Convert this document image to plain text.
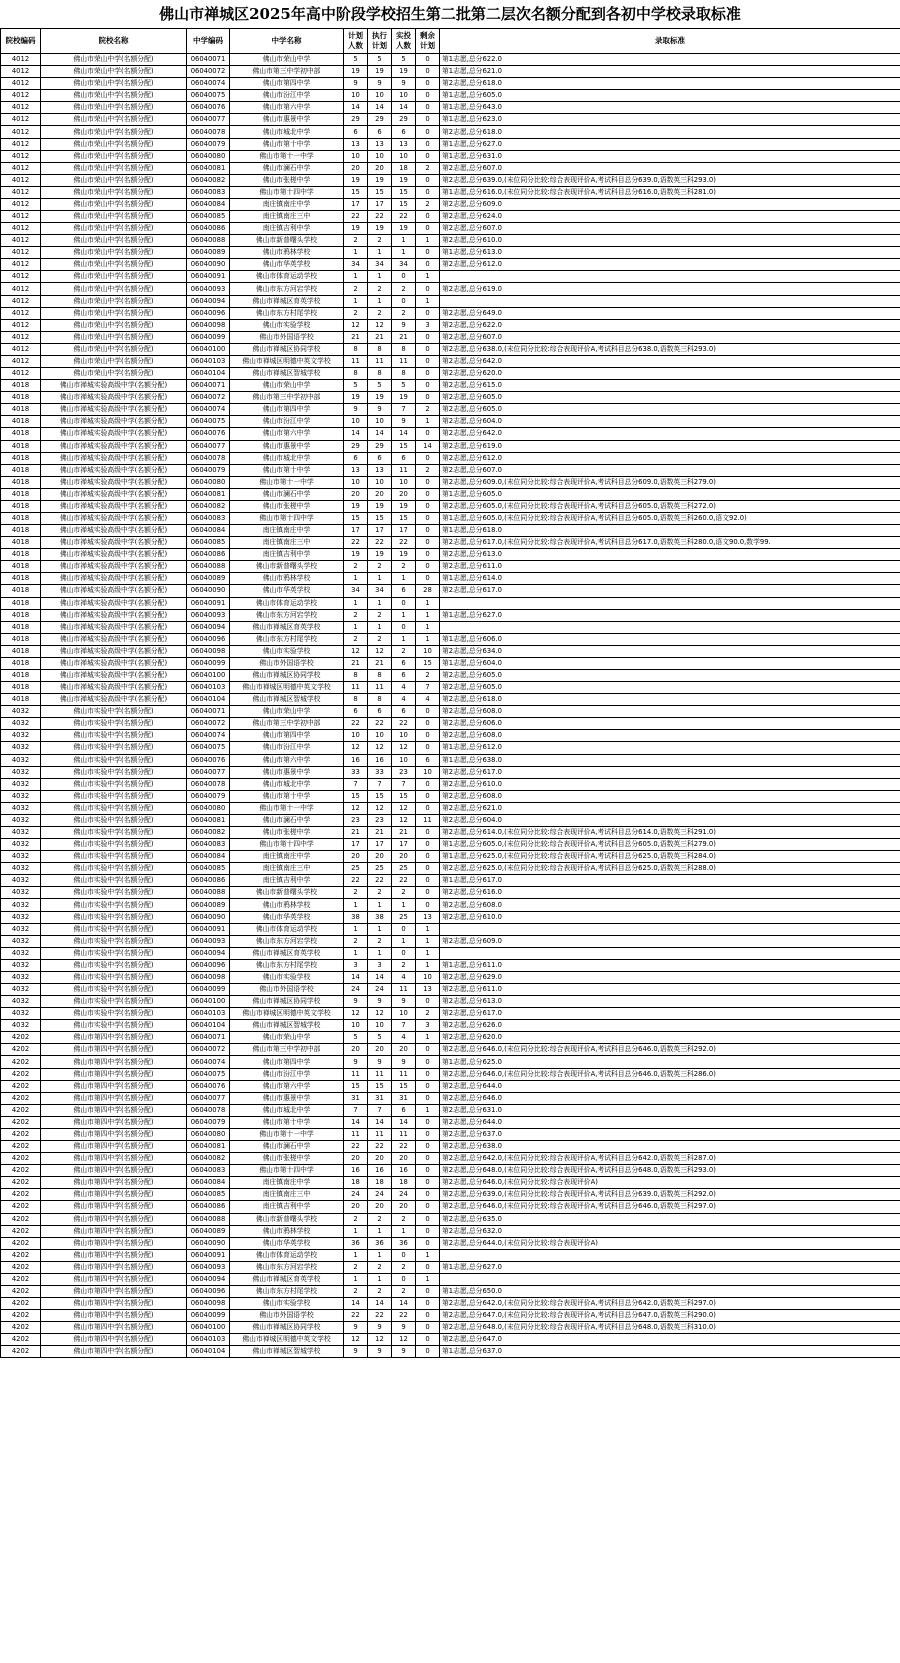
佛山市禅城区2025年高中阶段学校招生第二批第二层次名额分配到各初中学校录取标准
院校编码	院校名称	中学编码	中学名称	计划人数	执行计划	实投人数	剩余计划	录取标准
4012	佛山市荣山中学(名额分配)	06040071	佛山市荣山中学	5	5	5	0	第1志愿,总分622.0
4012	佛山市荣山中学(名额分配)	06040072	佛山市第三中学初中部	19	19	19	0	第1志愿,总分621.0
4012	佛山市荣山中学(名额分配)	06040074	佛山市第四中学	9	9	9	0	第2志愿,总分618.0
4012	佛山市荣山中学(名额分配)	06040075	佛山市汾江中学	10	10	10	0	第1志愿,总分605.0
4012	佛山市荣山中学(名额分配)	06040076	佛山市第六中学	14	14	14	0	第1志愿,总分643.0
4012	佛山市荣山中学(名额分配)	06040077	佛山市惠景中学	29	29	29	0	第1志愿,总分623.0
4012	佛山市荣山中学(名额分配)	06040078	佛山市城北中学	6	6	6	0	第2志愿,总分618.0
4012	佛山市荣山中学(名额分配)	06040079	佛山市第十中学	13	13	13	0	第1志愿,总分627.0
4012	佛山市荣山中学(名额分配)	06040080	佛山市第十一中学	10	10	10	0	第1志愿,总分631.0
4012	佛山市荣山中学(名额分配)	06040081	佛山市澜石中学	20	20	18	2	第2志愿,总分607.0
4012	佛山市荣山中学(名额分配)	06040082	佛山市张槎中学	19	19	19	0	第2志愿,总分639.0,(末位同分比较:综合表现评价A,考试科目总分639.0,语数英三科293.0)
4012	佛山市荣山中学(名额分配)	06040083	佛山市第十四中学	15	15	15	0	第1志愿,总分616.0,(末位同分比较:综合表现评价A,考试科目总分616.0,语数英三科281.0)
4012	佛山市荣山中学(名额分配)	06040084	南庄镇南庄中学	17	17	15	2	第2志愿,总分609.0
4012	佛山市荣山中学(名额分配)	06040085	南庄镇南庄三中	22	22	22	0	第2志愿,总分624.0
4012	佛山市荣山中学(名额分配)	06040086	南庄镇吉利中学	19	19	19	0	第2志愿,总分607.0
4012	佛山市荣山中学(名额分配)	06040088	佛山市新普曙头学校	2	2	1	1	第2志愿,总分610.0
4012	佛山市荣山中学(名额分配)	06040089	佛山市鸦林学校	1	1	1	0	第1志愿,总分613.0
4012	佛山市荣山中学(名额分配)	06040090	佛山市华英学校	34	34	34	0	第2志愿,总分612.0
4012	佛山市荣山中学(名额分配)	06040091	佛山市体育运动学校	1	1	0	1	
4012	佛山市荣山中学(名额分配)	06040093	佛山市东方河宕学校	2	2	2	0	第2志愿,总分619.0
4012	佛山市荣山中学(名额分配)	06040094	佛山市禅城区育英学校	1	1	0	1	
4012	佛山市荣山中学(名额分配)	06040096	佛山市东方村尾学校	2	2	2	0	第2志愿,总分649.0
4012	佛山市荣山中学(名额分配)	06040098	佛山市实验学校	12	12	9	3	第2志愿,总分622.0
4012	佛山市荣山中学(名额分配)	06040099	佛山市外国语学校	21	21	21	0	第2志愿,总分607.0
4012	佛山市荣山中学(名额分配)	06040100	佛山市禅城区协同学校	8	8	8	0	第2志愿,总分638.0,(末位同分比较:综合表现评价A,考试科目总分638.0,语数英三科293.0)
4012	佛山市荣山中学(名额分配)	06040103	佛山市禅城区明德中英文学校	11	11	11	0	第2志愿,总分642.0
4012	佛山市荣山中学(名额分配)	06040104	佛山市禅城区智城学校	8	8	8	0	第2志愿,总分620.0
4018	佛山市禅城实验高级中学(名额分配)	06040071	佛山市荣山中学	5	5	5	0	第2志愿,总分615.0
4018	佛山市禅城实验高级中学(名额分配)	06040072	佛山市第三中学初中部	19	19	19	0	第2志愿,总分605.0
4018	佛山市禅城实验高级中学(名额分配)	06040074	佛山市第四中学	9	9	7	2	第2志愿,总分605.0
4018	佛山市禅城实验高级中学(名额分配)	06040075	佛山市汾江中学	10	10	9	1	第2志愿,总分604.0
4018	佛山市禅城实验高级中学(名额分配)	06040076	佛山市第六中学	14	14	14	0	第2志愿,总分642.0
4018	佛山市禅城实验高级中学(名额分配)	06040077	佛山市惠景中学	29	29	15	14	第2志愿,总分619.0
4018	佛山市禅城实验高级中学(名额分配)	06040078	佛山市城北中学	6	6	6	0	第2志愿,总分612.0
4018	佛山市禅城实验高级中学(名额分配)	06040079	佛山市第十中学	13	13	11	2	第2志愿,总分607.0
4018	佛山市禅城实验高级中学(名额分配)	06040080	佛山市第十一中学	10	10	10	0	第2志愿,总分609.0,(末位同分比较:综合表现评价A,考试科目总分609.0,语数英三科279.0)
4018	佛山市禅城实验高级中学(名额分配)	06040081	佛山市澜石中学	20	20	20	0	第1志愿,总分605.0
4018	佛山市禅城实验高级中学(名额分配)	06040082	佛山市张槎中学	19	19	19	0	第2志愿,总分605.0,(末位同分比较:综合表现评价A,考试科目总分605.0,语数英三科272.0)
4018	佛山市禅城实验高级中学(名额分配)	06040083	佛山市第十四中学	15	15	15	0	第1志愿,总分605.0,(末位同分比较:综合表现评价A,考试科目总分605.0,语数英三科260.0,语文92.0)
4018	佛山市禅城实验高级中学(名额分配)	06040084	南庄镇南庄中学	17	17	17	0	第1志愿,总分618.0
4018	佛山市禅城实验高级中学(名额分配)	06040085	南庄镇南庄三中	22	22	22	0	第2志愿,总分617.0,(末位同分比较:综合表现评价A,考试科目总分617.0,语数英三科280.0,语文90.0,数学99.
4018	佛山市禅城实验高级中学(名额分配)	06040086	南庄镇吉利中学	19	19	19	0	第2志愿,总分613.0
4018	佛山市禅城实验高级中学(名额分配)	06040088	佛山市新普曙头学校	2	2	2	0	第2志愿,总分611.0
4018	佛山市禅城实验高级中学(名额分配)	06040089	佛山市鸦林学校	1	1	1	0	第1志愿,总分614.0
4018	佛山市禅城实验高级中学(名额分配)	06040090	佛山市华英学校	34	34	6	28	第2志愿,总分617.0
4018	佛山市禅城实验高级中学(名额分配)	06040091	佛山市体育运动学校	1	1	0	1	
4018	佛山市禅城实验高级中学(名额分配)	06040093	佛山市东方河宕学校	2	2	1	1	第1志愿,总分627.0
4018	佛山市禅城实验高级中学(名额分配)	06040094	佛山市禅城区育英学校	1	1	0	1	
4018	佛山市禅城实验高级中学(名额分配)	06040096	佛山市东方村尾学校	2	2	1	1	第1志愿,总分606.0
4018	佛山市禅城实验高级中学(名额分配)	06040098	佛山市实验学校	12	12	2	10	第2志愿,总分634.0
4018	佛山市禅城实验高级中学(名额分配)	06040099	佛山市外国语学校	21	21	6	15	第1志愿,总分604.0
4018	佛山市禅城实验高级中学(名额分配)	06040100	佛山市禅城区协同学校	8	8	6	2	第2志愿,总分605.0
4018	佛山市禅城实验高级中学(名额分配)	06040103	佛山市禅城区明德中英文学校	11	11	4	7	第2志愿,总分605.0
4018	佛山市禅城实验高级中学(名额分配)	06040104	佛山市禅城区智城学校	8	8	4	4	第2志愿,总分618.0
4032	佛山市实验中学(名额分配)	06040071	佛山市荣山中学	6	6	6	0	第2志愿,总分608.0
4032	佛山市实验中学(名额分配)	06040072	佛山市第三中学初中部	22	22	22	0	第2志愿,总分606.0
4032	佛山市实验中学(名额分配)	06040074	佛山市第四中学	10	10	10	0	第2志愿,总分608.0
4032	佛山市实验中学(名额分配)	06040075	佛山市汾江中学	12	12	12	0	第1志愿,总分612.0
4032	佛山市实验中学(名额分配)	06040076	佛山市第六中学	16	16	10	6	第1志愿,总分638.0
4032	佛山市实验中学(名额分配)	06040077	佛山市惠景中学	33	33	23	10	第2志愿,总分617.0
4032	佛山市实验中学(名额分配)	06040078	佛山市城北中学	7	7	7	0	第2志愿,总分610.0
4032	佛山市实验中学(名额分配)	06040079	佛山市第十中学	15	15	15	0	第2志愿,总分608.0
4032	佛山市实验中学(名额分配)	06040080	佛山市第十一中学	12	12	12	0	第2志愿,总分621.0
4032	佛山市实验中学(名额分配)	06040081	佛山市澜石中学	23	23	12	11	第2志愿,总分604.0
4032	佛山市实验中学(名额分配)	06040082	佛山市张槎中学	21	21	21	0	第2志愿,总分614.0,(末位同分比较:综合表现评价A,考试科目总分614.0,语数英三科291.0)
4032	佛山市实验中学(名额分配)	06040083	佛山市第十四中学	17	17	17	0	第1志愿,总分605.0,(末位同分比较:综合表现评价A,考试科目总分605.0,语数英三科279.0)
4032	佛山市实验中学(名额分配)	06040084	南庄镇南庄中学	20	20	20	0	第1志愿,总分625.0,(末位同分比较:综合表现评价A,考试科目总分625.0,语数英三科284.0)
4032	佛山市实验中学(名额分配)	06040085	南庄镇南庄三中	25	25	25	0	第2志愿,总分625.0,(末位同分比较:综合表现评价A,考试科目总分625.0,语数英三科288.0)
4032	佛山市实验中学(名额分配)	06040086	南庄镇吉利中学	22	22	22	0	第1志愿,总分617.0
4032	佛山市实验中学(名额分配)	06040088	佛山市新普曙头学校	2	2	2	0	第2志愿,总分616.0
4032	佛山市实验中学(名额分配)	06040089	佛山市鸦林学校	1	1	1	0	第2志愿,总分608.0
4032	佛山市实验中学(名额分配)	06040090	佛山市华英学校	38	38	25	13	第2志愿,总分610.0
4032	佛山市实验中学(名额分配)	06040091	佛山市体育运动学校	1	1	0	1	
4032	佛山市实验中学(名额分配)	06040093	佛山市东方河宕学校	2	2	1	1	第2志愿,总分609.0
4032	佛山市实验中学(名额分配)	06040094	佛山市禅城区育英学校	1	1	0	1	
4032	佛山市实验中学(名额分配)	06040096	佛山市东方村尾学校	3	3	2	1	第1志愿,总分611.0
4032	佛山市实验中学(名额分配)	06040098	佛山市实验学校	14	14	4	10	第2志愿,总分629.0
4032	佛山市实验中学(名额分配)	06040099	佛山市外国语学校	24	24	11	13	第2志愿,总分611.0
4032	佛山市实验中学(名额分配)	06040100	佛山市禅城区协同学校	9	9	9	0	第2志愿,总分613.0
4032	佛山市实验中学(名额分配)	06040103	佛山市禅城区明德中英文学校	12	12	10	2	第2志愿,总分617.0
4032	佛山市实验中学(名额分配)	06040104	佛山市禅城区智城学校	10	10	7	3	第2志愿,总分626.0
4202	佛山市第四中学(名额分配)	06040071	佛山市荣山中学	5	5	4	1	第2志愿,总分620.0
4202	佛山市第四中学(名额分配)	06040072	佛山市第三中学初中部	20	20	20	0	第2志愿,总分646.0,(末位同分比较:综合表现评价A,考试科目总分646.0,语数英三科292.0)
4202	佛山市第四中学(名额分配)	06040074	佛山市第四中学	9	9	9	0	第1志愿,总分625.0
4202	佛山市第四中学(名额分配)	06040075	佛山市汾江中学	11	11	11	0	第2志愿,总分646.0,(末位同分比较:综合表现评价A,考试科目总分646.0,语数英三科286.0)
4202	佛山市第四中学(名额分配)	06040076	佛山市第六中学	15	15	15	0	第2志愿,总分644.0
4202	佛山市第四中学(名额分配)	06040077	佛山市惠景中学	31	31	31	0	第2志愿,总分646.0
4202	佛山市第四中学(名额分配)	06040078	佛山市城北中学	7	7	6	1	第2志愿,总分631.0
4202	佛山市第四中学(名额分配)	06040079	佛山市第十中学	14	14	14	0	第2志愿,总分644.0
4202	佛山市第四中学(名额分配)	06040080	佛山市第十一中学	11	11	11	0	第2志愿,总分637.0
4202	佛山市第四中学(名额分配)	06040081	佛山市澜石中学	22	22	22	0	第2志愿,总分638.0
4202	佛山市第四中学(名额分配)	06040082	佛山市张槎中学	20	20	20	0	第2志愿,总分642.0,(末位同分比较:综合表现评价A,考试科目总分642.0,语数英三科287.0)
4202	佛山市第四中学(名额分配)	06040083	佛山市第十四中学	16	16	16	0	第2志愿,总分648.0,(末位同分比较:综合表现评价A,考试科目总分648.0,语数英三科293.0)
4202	佛山市第四中学(名额分配)	06040084	南庄镇南庄中学	18	18	18	0	第2志愿,总分646.0,(末位同分比较:综合表现评价A)
4202	佛山市第四中学(名额分配)	06040085	南庄镇南庄三中	24	24	24	0	第2志愿,总分639.0,(末位同分比较:综合表现评价A,考试科目总分639.0,语数英三科292.0)
4202	佛山市第四中学(名额分配)	06040086	南庄镇吉利中学	20	20	20	0	第2志愿,总分646.0,(末位同分比较:综合表现评价A,考试科目总分646.0,语数英三科297.0)
4202	佛山市第四中学(名额分配)	06040088	佛山市新普曙头学校	2	2	2	0	第2志愿,总分635.0
4202	佛山市第四中学(名额分配)	06040089	佛山市鸦林学校	1	1	1	0	第2志愿,总分632.0
4202	佛山市第四中学(名额分配)	06040090	佛山市华英学校	36	36	36	0	第2志愿,总分644.0,(末位同分比较:综合表现评价A)
4202	佛山市第四中学(名额分配)	06040091	佛山市体育运动学校	1	1	0	1	
4202	佛山市第四中学(名额分配)	06040093	佛山市东方河宕学校	2	2	2	0	第1志愿,总分627.0
4202	佛山市第四中学(名额分配)	06040094	佛山市禅城区育英学校	1	1	0	1	
4202	佛山市第四中学(名额分配)	06040096	佛山市东方村尾学校	2	2	2	0	第1志愿,总分650.0
4202	佛山市第四中学(名额分配)	06040098	佛山市实验学校	14	14	14	0	第2志愿,总分642.0,(末位同分比较:综合表现评价A,考试科目总分642.0,语数英三科297.0)
4202	佛山市第四中学(名额分配)	06040099	佛山市外国语学校	22	22	22	0	第2志愿,总分647.0,(末位同分比较:综合表现评价A,考试科目总分647.0,语数英三科290.0)
4202	佛山市第四中学(名额分配)	06040100	佛山市禅城区协同学校	9	9	9	0	第2志愿,总分648.0,(末位同分比较:综合表现评价A,考试科目总分648.0,语数英三科310.0)
4202	佛山市第四中学(名额分配)	06040103	佛山市禅城区明德中英文学校	12	12	12	0	第2志愿,总分647.0
4202	佛山市第四中学(名额分配)	06040104	佛山市禅城区智城学校	9	9	9	0	第1志愿,总分637.0
